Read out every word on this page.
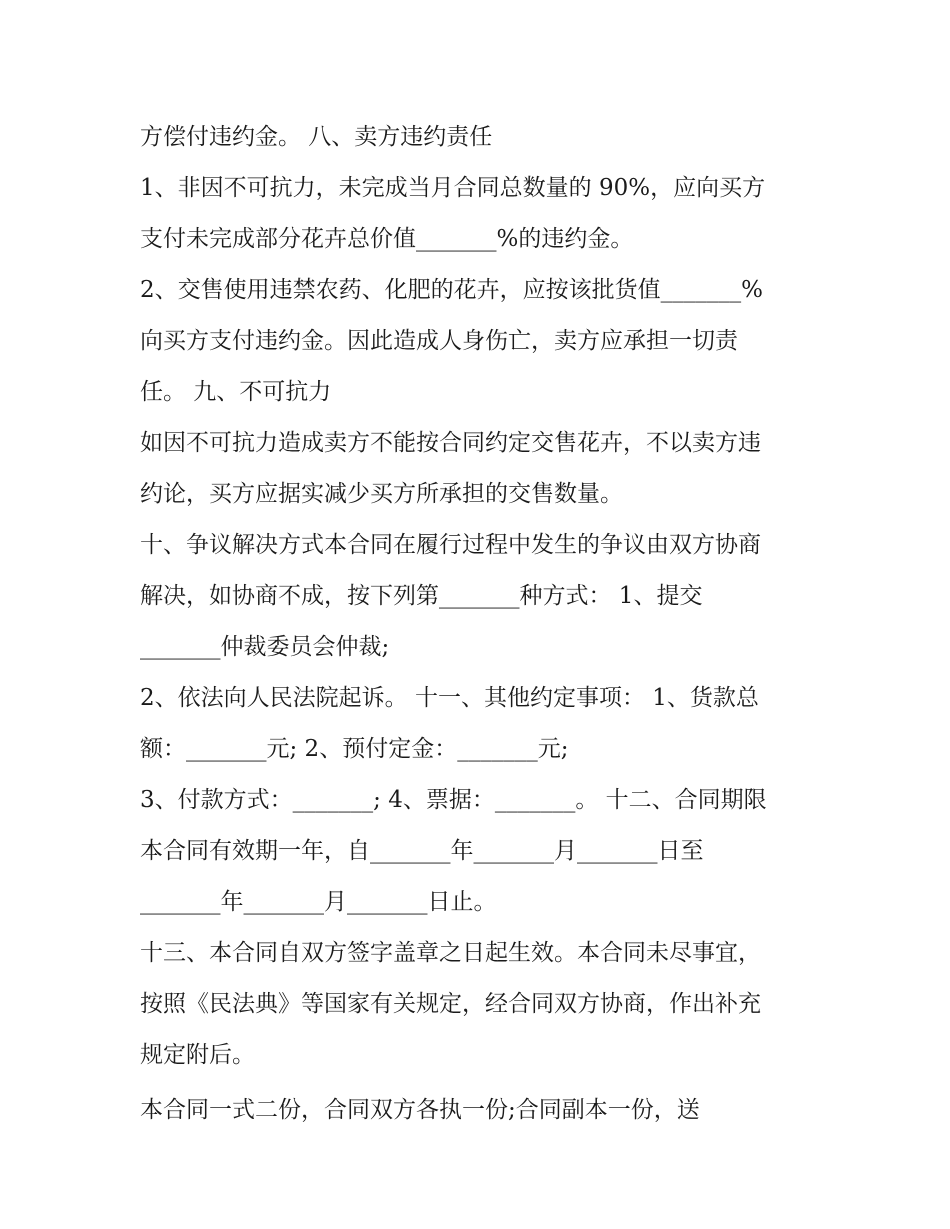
方偿付违约金。 八、卖方违约责任
1、非因不可抗力，未完成当月合同总数量的 90%，应向买方
支付未完成部分花卉总价值_______%的违约金。
2、交售使用违禁农药、化肥的花卉，应按该批货值_______%
向买方支付违约金。因此造成人身伤亡，卖方应承担一切责
任。 九、不可抗力
如因不可抗力造成卖方不能按合同约定交售花卉，不以卖方违
约论，买方应据实减少买方所承担的交售数量。
十、争议解决方式本合同在履行过程中发生的争议由双方协商
解决，如协商不成，按下列第_______种方式： 1、提交
_______仲裁委员会仲裁;
2、依法向人民法院起诉。 十一、其他约定事项： 1、货款总
额：_______元; 2、预付定金：_______元;
3、付款方式：_______; 4、票据：_______。 十二、合同期限
本合同有效期一年，自_______年_______月_______日至
_______年_______月_______日止。
十三、本合同自双方签字盖章之日起生效。本合同未尽事宜，
按照《民法典》等国家有关规定，经合同双方协商，作出补充
规定附后。
本合同一式二份，合同双方各执一份;合同副本一份，送
